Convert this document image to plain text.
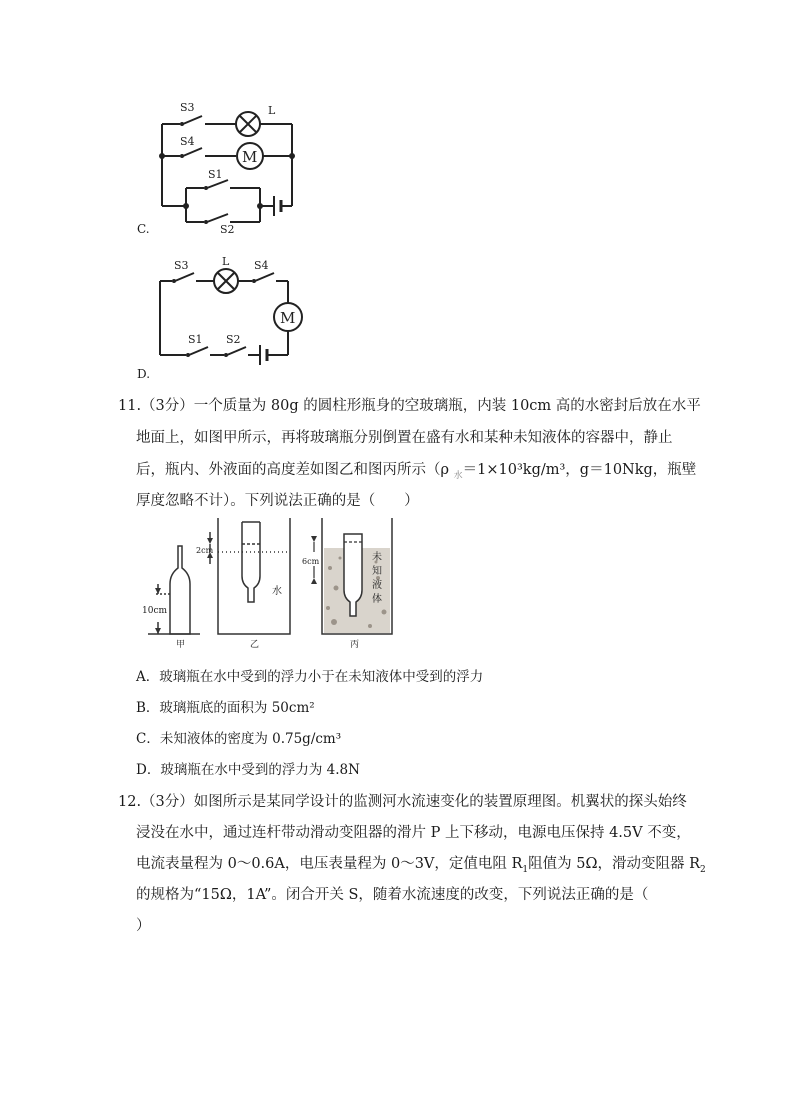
S3	L
S4
M
S1
S2
C.
S3	L S4
M
S1 S2
D.
11.（3分）一个质量为 80g 的圆柱形瓶身的空玻璃瓶，内装 10cm 高的水密封后放在水平
地面上，如图甲所示，再将玻璃瓶分别倒置在盛有水和某种未知液体的容器中，静止
后，瓶内、外液面的高度差如图乙和图丙所示（ρ $_水$＝1×10³kg/m³，g＝10Nkg，瓶壁
厚度忽略不计）。下列说法正确的是（　　）
10cm
甲
2cm
水
乙
6cm	未
知
液
体
丙
A．玻璃瓶在水中受到的浮力小于在未知液体中受到的浮力
B．玻璃瓶底的面积为 50cm²
C．未知液体的密度为 0.75g/cm³
D．玻璃瓶在水中受到的浮力为 4.8N
12.（3分）如图所示是某同学设计的监测河水流速变化的装置原理图。机翼状的探头始终
浸没在水中，通过连杆带动滑动变阻器的滑片 P 上下移动，电源电压保持 4.5V 不变，
电流表量程为 0～0.6A，电压表量程为 0～3V，定值电阻 $R_1$阻值为 5Ω，滑动变阻器 $R_2$
的规格为“15Ω，1A”。闭合开关 S，随着水流速度的改变，下列说法正确的是（
）
